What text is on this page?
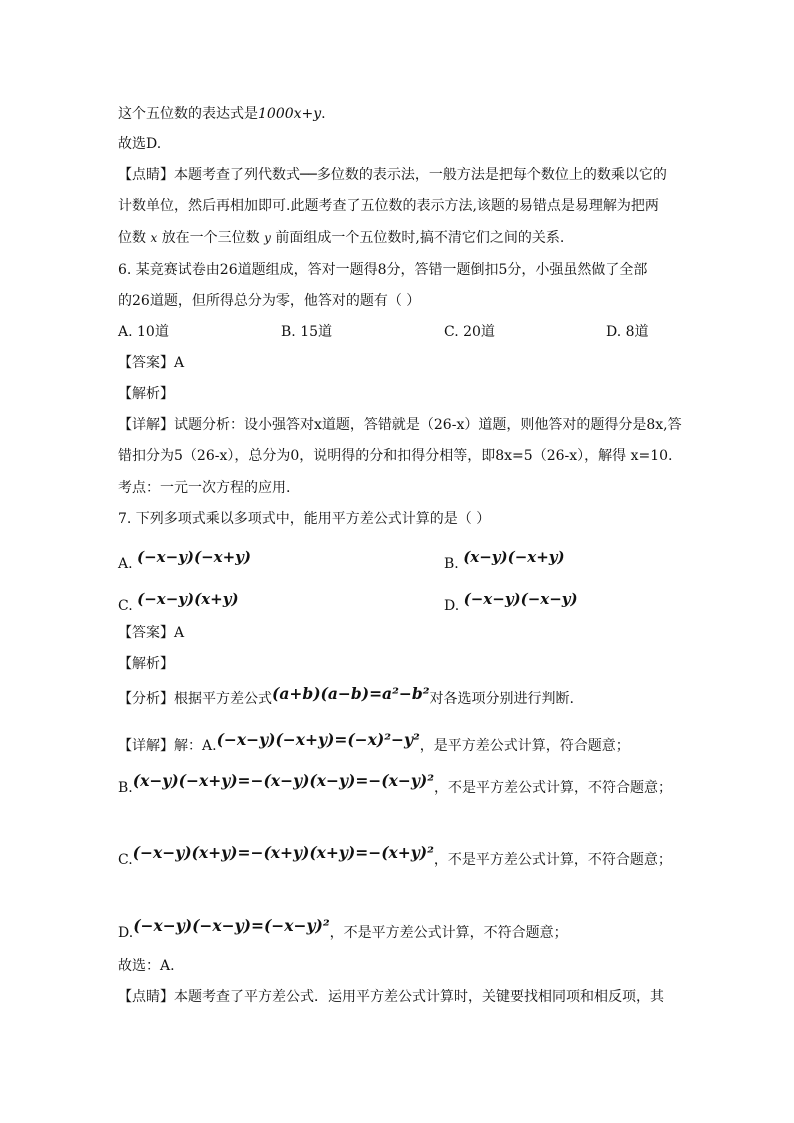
这个五位数的表达式是1000x+y.
故选D.
【点睛】本题考查了列代数式──多位数的表示法，一般方法是把每个数位上的数乘以它的
计数单位，然后再相加即可.此题考查了五位数的表示方法,该题的易错点是易理解为把两
位数 x 放在一个三位数 y 前面组成一个五位数时,搞不清它们之间的关系.
6. 某竞赛试卷由26道题组成，答对一题得8分，答错一题倒扣5分，小强虽然做了全部
的26道题，但所得总分为零，他答对的题有（ ）
A. 10道	B. 15道	C. 20道	D. 8道
【答案】A
【解析】
【详解】试题分析：设小强答对x道题，答错就是（26-x）道题，则他答对的题得分是8x,答
错扣分为5（26-x），总分为0，说明得的分和扣得分相等，即8x=5（26-x），解得 x=10.
考点：一元一次方程的应用.
7. 下列多项式乘以多项式中，能用平方差公式计算的是（ ）
A. (−x−y)(−x+y)	B. (x−y)(−x+y)
C. (−x−y)(x+y)	D. (−x−y)(−x−y)
【答案】A
【解析】
【分析】根据平方差公式(a+b)(a−b)=a²−b²对各选项分别进行判断.
【详解】解：A.(−x−y)(−x+y)=(−x)²−y²，是平方差公式计算，符合题意；
B.(x−y)(−x+y)=−(x−y)(x−y)=−(x−y)²，不是平方差公式计算，不符合题意；
C.(−x−y)(x+y)=−(x+y)(x+y)=−(x+y)²，不是平方差公式计算，不符合题意；
D.(−x−y)(−x−y)=(−x−y)²，不是平方差公式计算，不符合题意；
故选：A.
【点睛】本题考查了平方差公式．运用平方差公式计算时，关键要找相同项和相反项，其
